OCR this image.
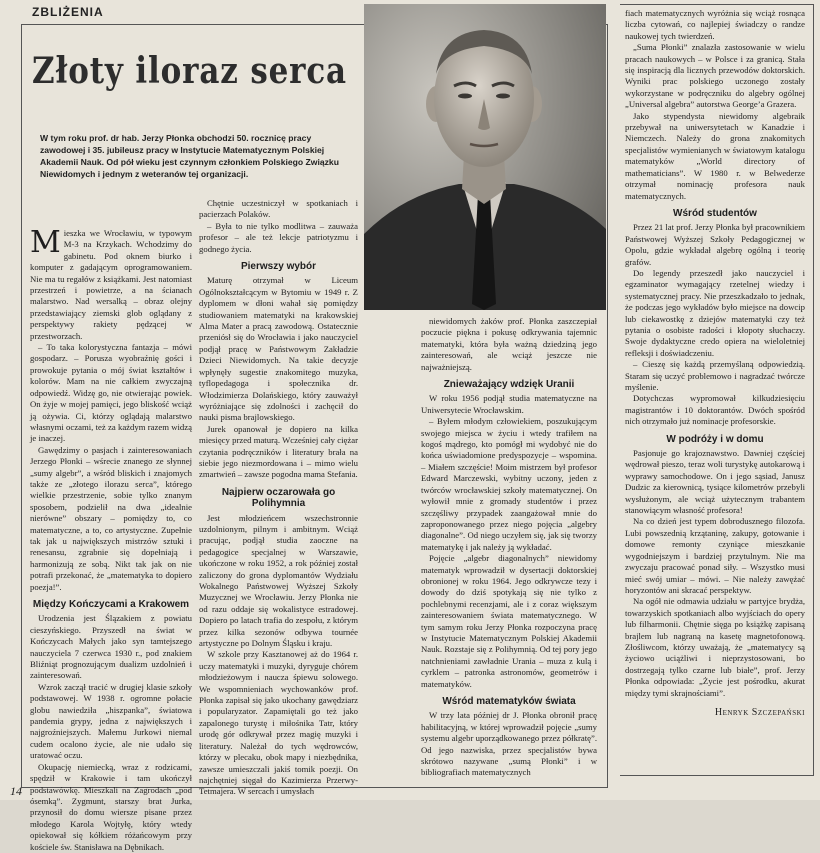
ZBLIŻENIA
Złoty iloraz serca
W tym roku prof. dr hab. Jerzy Płonka obchodzi 50. rocznicę pracy zawodowej i 35. jubileusz pracy w Instytucie Matematycznym Polskiej Akademii Nauk. Od pół wieku jest czynnym członkiem Polskiego Związku Niewidomych i jednym z weteranów tej organizacji.

Mieszka we Wrocławiu, w typowym M-3 na Krzykach. Wchodzimy do gabinetu. Pod oknem biurko i komputer z gadającym oprogramowaniem. Nie ma tu regałów z książkami. Jest natomiast przestrzeń i powietrze, a na ścianach malarstwo. Nad wersalką – obraz olejny przedstawiający ziemski glob oglądany z perspektywy rakiety pędzącej w przestworzach.

– To taka kolorystyczna fantazja – mówi gospodarz. – Porusza wyobraźnię gości i prowokuje pytania o mój świat kształtów i kolorów. Mam na nie całkiem zwyczajną odpowiedź. Widzę go, nie otwierając powiek. On żyje w mojej pamięci, jego bliskość wciąż ją ożywia. Ci, którzy oglądają malarstwo własnymi oczami, też za każdym razem widzą je inaczej.

Gawędzimy o pasjach i zainteresowaniach Jerzego Płonki – wśrecie znanego ze słynnej „sumy algebr”, a wśród bliskich i znajomych także ze „złotego ilorazu serca”, którego wielkie przestrzenie, sobie tylko znanym sposobem, podzielił na dwa „idealnie nierówne” obszary – pomiędzy to, co matematyczne, a to, co artystyczne. Zupełnie tak jak u największych mistrzów sztuki i renesansu, zgrabnie się dopełniają i harmonizują ze sobą. Nikt tak jak on nie potrafi przekonać, że „matematyka to dopiero poezja!”.

Między Kończycami a Krakowem

Urodzenia jest Ślązakiem z powiatu cieszyńskiego. Przyszedł na świat w Kończycach Małych jako syn tamtejszego nauczyciela 7 czerwca 1930 r., pod znakiem Bliźniąt prognozującym dualizm uzdolnień i zainteresowań.

Wzrok zaczął tracić w drugiej klasie szkoły podstawowej. W 1938 r. ogromne połacie globu nawiedziła „hiszpanka”, światowa pandemia grypy, jedna z największych i najgroźniejszych. Małemu Jurkowi niemal cudem ocalono życie, ale nie udało się uratować oczu.

Okupację niemiecką, wraz z rodzicami, spędził w Krakowie i tam ukończył podstawówkę. Mieszkali na Zagrodach „pod ósemką”. Zygmunt, starszy brat Jurka, przynosił do domu wiersze pisane przez młodego Karola Wojtyłę, który wtedy opiekował się kółkiem różańcowym przy kościele św. Stanisława na Dębnikach.

Chętnie uczestniczył w spotkaniach i pacierzach Polaków.

– Była to nie tylko modlitwa – zauważa profesor – ale też lekcje patriotyzmu i godnego życia.

Pierwszy wybór

Maturę otrzymał w Liceum Ogólnokształcącym w Bytomiu w 1949 r. Z dyplomem w dłoni wahał się pomiędzy studiowaniem matematyki na krakowskiej Alma Mater a pracą zawodową. Ostatecznie przeniósł się do Wrocławia i jako nauczyciel podjął pracę w Państwowym Zakładzie Dzieci Niewidomych. Na takie decyzje wpłynęły sugestie znakomitego muzyka, tyflopedagoga i społecznika dr. Włodzimierza Dolańskiego, który zauważył wyróżniające się zdolności i zachęcił do nauki pisma brajlowskiego.

Jurek opanował je dopiero na kilka miesięcy przed maturą. Wcześniej cały ciężar czytania podręczników i literatury brała na siebie jego niezmordowana i – mimo wielu zmartwień – zawsze pogodna mama Stefania.

Najpierw oczarowała go Polihymnia

Jest młodzieńcem wszechstronnie uzdolnionym, pilnym i ambitnym. Wciąż pracując, podjął studia zaoczne na pedagogice specjalnej w Warszawie, ukończone w roku 1952, a rok później został zaliczony do grona dyplomantów Wydziału Wokalnego Państwowej Wyższej Szkoły Muzycznej we Wrocławiu. Jerzy Płonka nie od razu oddaje się wokalistyce estradowej. Dopiero po latach trafia do zespołu, z którym przez kilka sezonów odbywa tournée artystyczne po Dolnym Śląsku i kraju.

W szkole przy Kasztanowej aż do 1964 r. uczy matematyki i muzyki, dyryguje chórem młodzieżowym i naucza śpiewu solowego. We wspomnieniach wychowanków prof. Płonka zapisał się jako ukochany gawędziarz i popularyzator. Zapamiętali go też jako zapalonego turystę i miłośnika Tatr, który urodę gór odkrywał przez magię muzyki i literatury. Należał do tych wędrowców, którzy w plecaku, obok mapy i niezbędnika, zawsze umieszczali jakiś tomik poezji. On najchętniej sięgał do Kazimierza Przerwy-Tetmajera. W sercach i umysłach

niewidomych żaków prof. Płonka zaszczepiał poczucie piękna i pokusę odkrywania tajemnic matematyki, która była ważną dziedziną jego zainteresowań, ale wciąż jeszcze nie najważniejszą.

Znieważający wdzięk Uranii

W roku 1956 podjął studia matematyczne na Uniwersytecie Wrocławskim.

– Byłem młodym człowiekiem, poszukującym swojego miejsca w życiu i wtedy trafiłem na kogoś mądrego, kto pomógł mi wydobyć nie do końca uświadomione predyspozycje – wspomina. – Miałem szczęście! Moim mistrzem był profesor Edward Marczewski, wybitny uczony, jeden z twórców wrocławskiej szkoły matematycznej. On wyłowił mnie z gromady studentów i przez szczęśliwy przypadek zaangażował mnie do zaproponowanego przez niego pojęcia „algebry diagonalne”. Od niego uczyłem się, jak się tworzy matematykę i jak należy ją wykładać.

Pojęcie „algebr diagonalnych” niewidomy matematyk wprowadził w dysertacji doktorskiej obronionej w roku 1964. Jego odkrywcze tezy i dowody do dziś spotykają się nie tylko z pochlebnymi recenzjami, ale i z coraz większym zainteresowaniem świata matematycznego. W tym samym roku Jerzy Płonka rozpoczyna pracę w Instytucie Matematycznym Polskiej Akademii Nauk. Rozstaje się z Polihymnią. Od tej pory jego natchnieniami zawładnie Urania – muza z kulą i cyrklem – patronka astronomów, geometrów i matematyków.

Wśród matematyków świata

W trzy lata później dr J. Płonka obronił pracę habilitacyjną, w której wprowadził pojęcie „sumy systemu algebr uporządkowanego przez półkratę”. Od jego nazwiska, przez specjalistów bywa skrótowo nazywane „sumą Płonki” i w bibliografiach matematycznych

fiach matematycznych wyróżnia się wciąż rosnąca liczba cytowań, co najlepiej świadczy o randze naukowej tych twierdzeń.

„Suma Płonki” znalazła zastosowanie w wielu pracach naukowych – w Polsce i za granicą. Stała się inspiracją dla licznych przewodów doktorskich. Wyniki prac polskiego uczonego zostały wykorzystane w podręczniku do algebry ogólnej „Universal algebra” autorstwa George’a Grazera.

Jako stypendysta niewidomy algebraik przebywał na uniwersytetach w Kanadzie i Niemczech. Należy do grona znakomitych specjalistów wymienianych w światowym katalogu matematyków „World directory of mathematicians”. W 1980 r. w Belwederze otrzymał nominację profesora nauk matematycznych.

Wśród studentów

Przez 21 lat prof. Jerzy Płonka był pracownikiem Państwowej Wyższej Szkoły Pedagogicznej w Opolu, gdzie wykładał algebrę ogólną i teorię grafów.

Do legendy przeszedł jako nauczyciel i egzaminator wymagający rzetelnej wiedzy i systematycznej pracy. Nie przeszkadzało to jednak, że podczas jego wykładów było miejsce na dowcip lub ciekawostkę z dziejów matematyki czy też pytania o osobiste radości i kłopoty słuchaczy. Swoje dydaktyczne credo opiera na wieloletniej refleksji i doświadczeniu.

– Cieszę się każdą przemyślaną odpowiedzią. Staram się uczyć problemowo i nagradzać twórcze myślenie.

Dotychczas wypromował kilkudziesięciu magistrantów i 10 doktorantów. Dwóch spośród nich otrzymało już nominacje profesorskie.

W podróży i w domu

Pasjonuje go krajoznawstwo. Dawniej częściej wędrował pieszo, teraz woli turystykę autokarową i wyprawy samochodowe. On i jego sąsiad, Janusz Dudzic za kierownicą, tysiące kilometrów przebyli wysłużonym, ale wciąż użytecznym trabantem stanowiącym własność profesora!

Na co dzień jest typem dobrodusznego filozofa. Lubi powszednią krzątaninę, zakupy, gotowanie i domowe remonty czyniące mieszkanie wygodniejszym i bardziej przytulnym. Nie ma zwyczaju pracować ponad siły. – Wszystko musi mieć swój umiar – mówi. – Nie należy zawężać horyzontów ani skracać perspektyw.

Na ogół nie odmawia udziału w partyjce brydża, towarzyskich spotkaniach albo wyjściach do opery lub filharmonii. Chętnie sięga po książkę zapisaną brajlem lub nagraną na kasetę magnetofonową. Złośliwcom, którzy uważają, że „matematycy są życiowo uciążliwi i nieprzystosowani, bo dostrzegają tylko czarne lub białe”, prof. Jerzy Płonka odpowiada: „Życie jest pośrodku, akurat między tymi skrajnościami”.

Henryk Szczepański
14
